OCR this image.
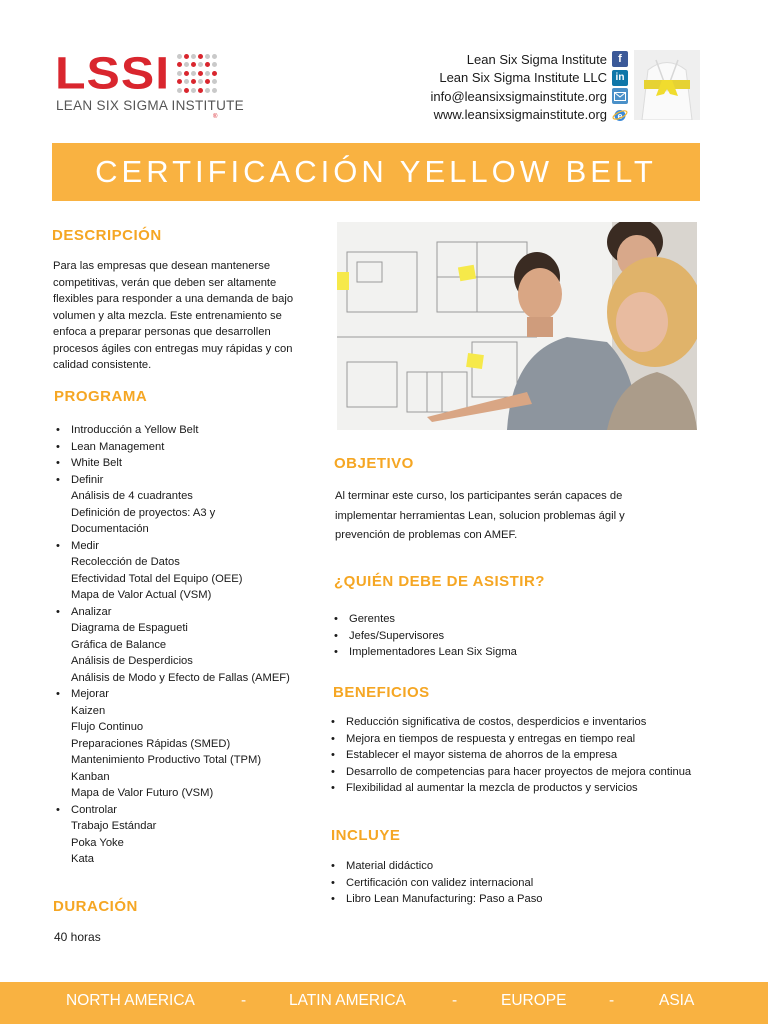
LSSI
LEAN SIX SIGMA INSTITUTE
®
Lean Six Sigma Institute	f
Lean Six Sigma Institute LLC in
info@leansixsigmainstitute.org
www.leansixsigmainstitute.org e
CERTIFICACIÓN YELLOW BELT
DESCRIPCIÓN
Para las empresas que desean mantenerse
competitivas, verán que deben ser altamente
flexibles para responder a una demanda de bajo
volumen y alta mezcla. Este entrenamiento se
enfoca a preparar personas que desarrollen
procesos ágiles con entregas muy rápidas y con
calidad consistente.
PROGRAMA
• Introducción a Yellow Belt
• Lean Management
• White Belt
• Definir
Análisis de 4 cuadrantes
Definición de proyectos: A3 y
Documentación
• Medir
Recolección de Datos
Efectividad Total del Equipo (OEE)
Mapa de Valor Actual (VSM)
• Analizar
Diagrama de Espagueti
Gráfica de Balance
Análisis de Desperdicios
Análisis de Modo y Efecto de Fallas (AMEF)
• Mejorar
Kaizen
Flujo Continuo
Preparaciones Rápidas (SMED)
Mantenimiento Productivo Total (TPM)
Kanban
Mapa de Valor Futuro (VSM)
• Controlar
Trabajo Estándar
Poka Yoke
Kata
DURACIÓN
40 horas
OBJETIVO
Al terminar este curso, los participantes serán capaces de
implementar herramientas Lean, solucion problemas ágil y
prevención de problemas con AMEF.
¿QUIÉN DEBE DE ASISTIR?
• Gerentes
• Jefes/Supervisores
• Implementadores Lean Six Sigma
BENEFICIOS
• Reducción significativa de costos, desperdicios e inventarios
• Mejora en tiempos de respuesta y entregas en tiempo real
• Establecer el mayor sistema de ahorros de la empresa
• Desarrollo de competencias para hacer proyectos de mejora continua
• Flexibilidad al aumentar la mezcla de productos y servicios
INCLUYE
• Material didáctico
• Certificación con validez internacional
• Libro Lean Manufacturing: Paso a Paso
NORTH AMERICA	-	LATIN AMERICA	-	EUROPE	-	ASIA
